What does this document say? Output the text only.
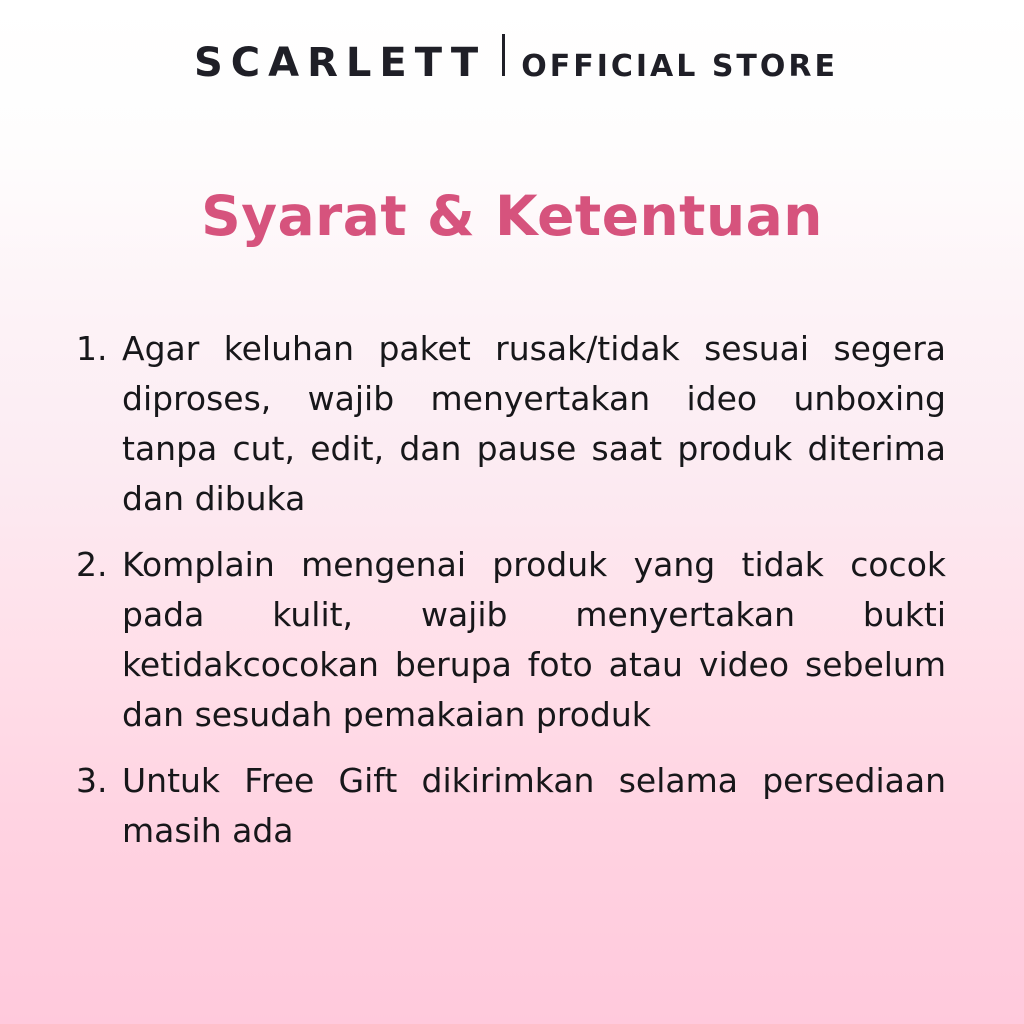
SCARLETT OFFICIAL STORE
Syarat & Ketentuan
1. Agar keluhan paket rusak/tidak sesuai segera diproses, wajib menyertakan ideo unboxing tanpa cut, edit, dan pause saat produk diterima dan dibuka
2. Komplain mengenai produk yang tidak cocok pada kulit, wajib menyertakan bukti ketidakcocokan berupa foto atau video sebelum dan sesudah pemakaian produk
3. Untuk Free Gift dikirimkan selama persediaan masih ada
